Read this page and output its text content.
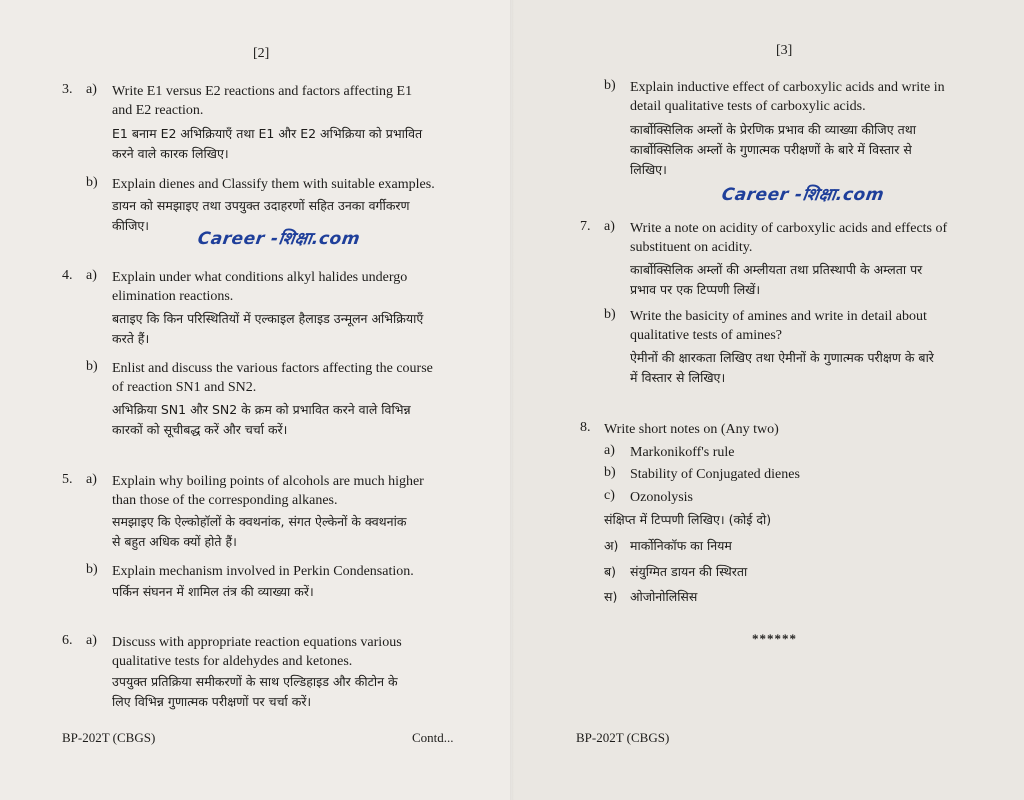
[2]
3. a) Write E1 versus E2 reactions and factors affecting E1
and E2 reaction.
E1 बनाम E2 अभिक्रियाएँ तथा E1 और E2 अभिक्रिया को प्रभावित
करने वाले कारक लिखिए।
b) Explain dienes and Classify them with suitable examples.
डायन को समझाइए तथा उपयुक्त उदाहरणों सहित उनका वर्गीकरण
कीजिए।
Career -शिक्षा.com
4. a) Explain under what conditions alkyl halides undergo
elimination reactions.
बताइए कि किन परिस्थितियों में एल्काइल हैलाइड उन्मूलन अभिक्रियाएँ
करते हैं।
b) Enlist and discuss the various factors affecting the course
of reaction SN1 and SN2.
अभिक्रिया SN1 और SN2 के क्रम को प्रभावित करने वाले विभिन्न
कारकों को सूचीबद्ध करें और चर्चा करें।
5. a) Explain why boiling points of alcohols are much higher
than those of the corresponding alkanes.
समझाइए कि ऐल्कोहॉलों के क्वथनांक, संगत ऐल्केनों के क्वथनांक
से बहुत अधिक क्यों होते हैं।
b) Explain mechanism involved in Perkin Condensation.
पर्किन संघनन में शामिल तंत्र की व्याख्या करें।
6. a) Discuss with appropriate reaction equations various
qualitative tests for aldehydes and ketones.
उपयुक्त प्रतिक्रिया समीकरणों के साथ एल्डिहाइड और कीटोन के
लिए विभिन्न गुणात्मक परीक्षणों पर चर्चा करें।
BP-202T (CBGS)	Contd...
[3]
b) Explain inductive effect of carboxylic acids and write in
detail qualitative tests of carboxylic acids.
कार्बोक्सिलिक अम्लों के प्रेरणिक प्रभाव की व्याख्या कीजिए तथा
कार्बोक्सिलिक अम्लों के गुणात्मक परीक्षणों के बारे में विस्तार से
लिखिए।
Career -शिक्षा.com
7. a) Write a note on acidity of carboxylic acids and effects of
substituent on acidity.
कार्बोक्सिलिक अम्लों की अम्लीयता तथा प्रतिस्थापी के अम्लता पर
प्रभाव पर एक टिप्पणी लिखें।
b) Write the basicity of amines and write in detail about
qualitative tests of amines?
ऐमीनों की क्षारकता लिखिए तथा ऐमीनों के गुणात्मक परीक्षण के बारे
में विस्तार से लिखिए।
8. Write short notes on (Any two)
a) Markonikoff's rule
b) Stability of Conjugated dienes
c) Ozonolysis
संक्षिप्त में टिप्पणी लिखिए। (कोई दो)
अ) मार्कोनिकॉफ का नियम
ब) संयुग्मित डायन की स्थिरता
स) ओजोनोलिसिस
******
BP-202T (CBGS)
